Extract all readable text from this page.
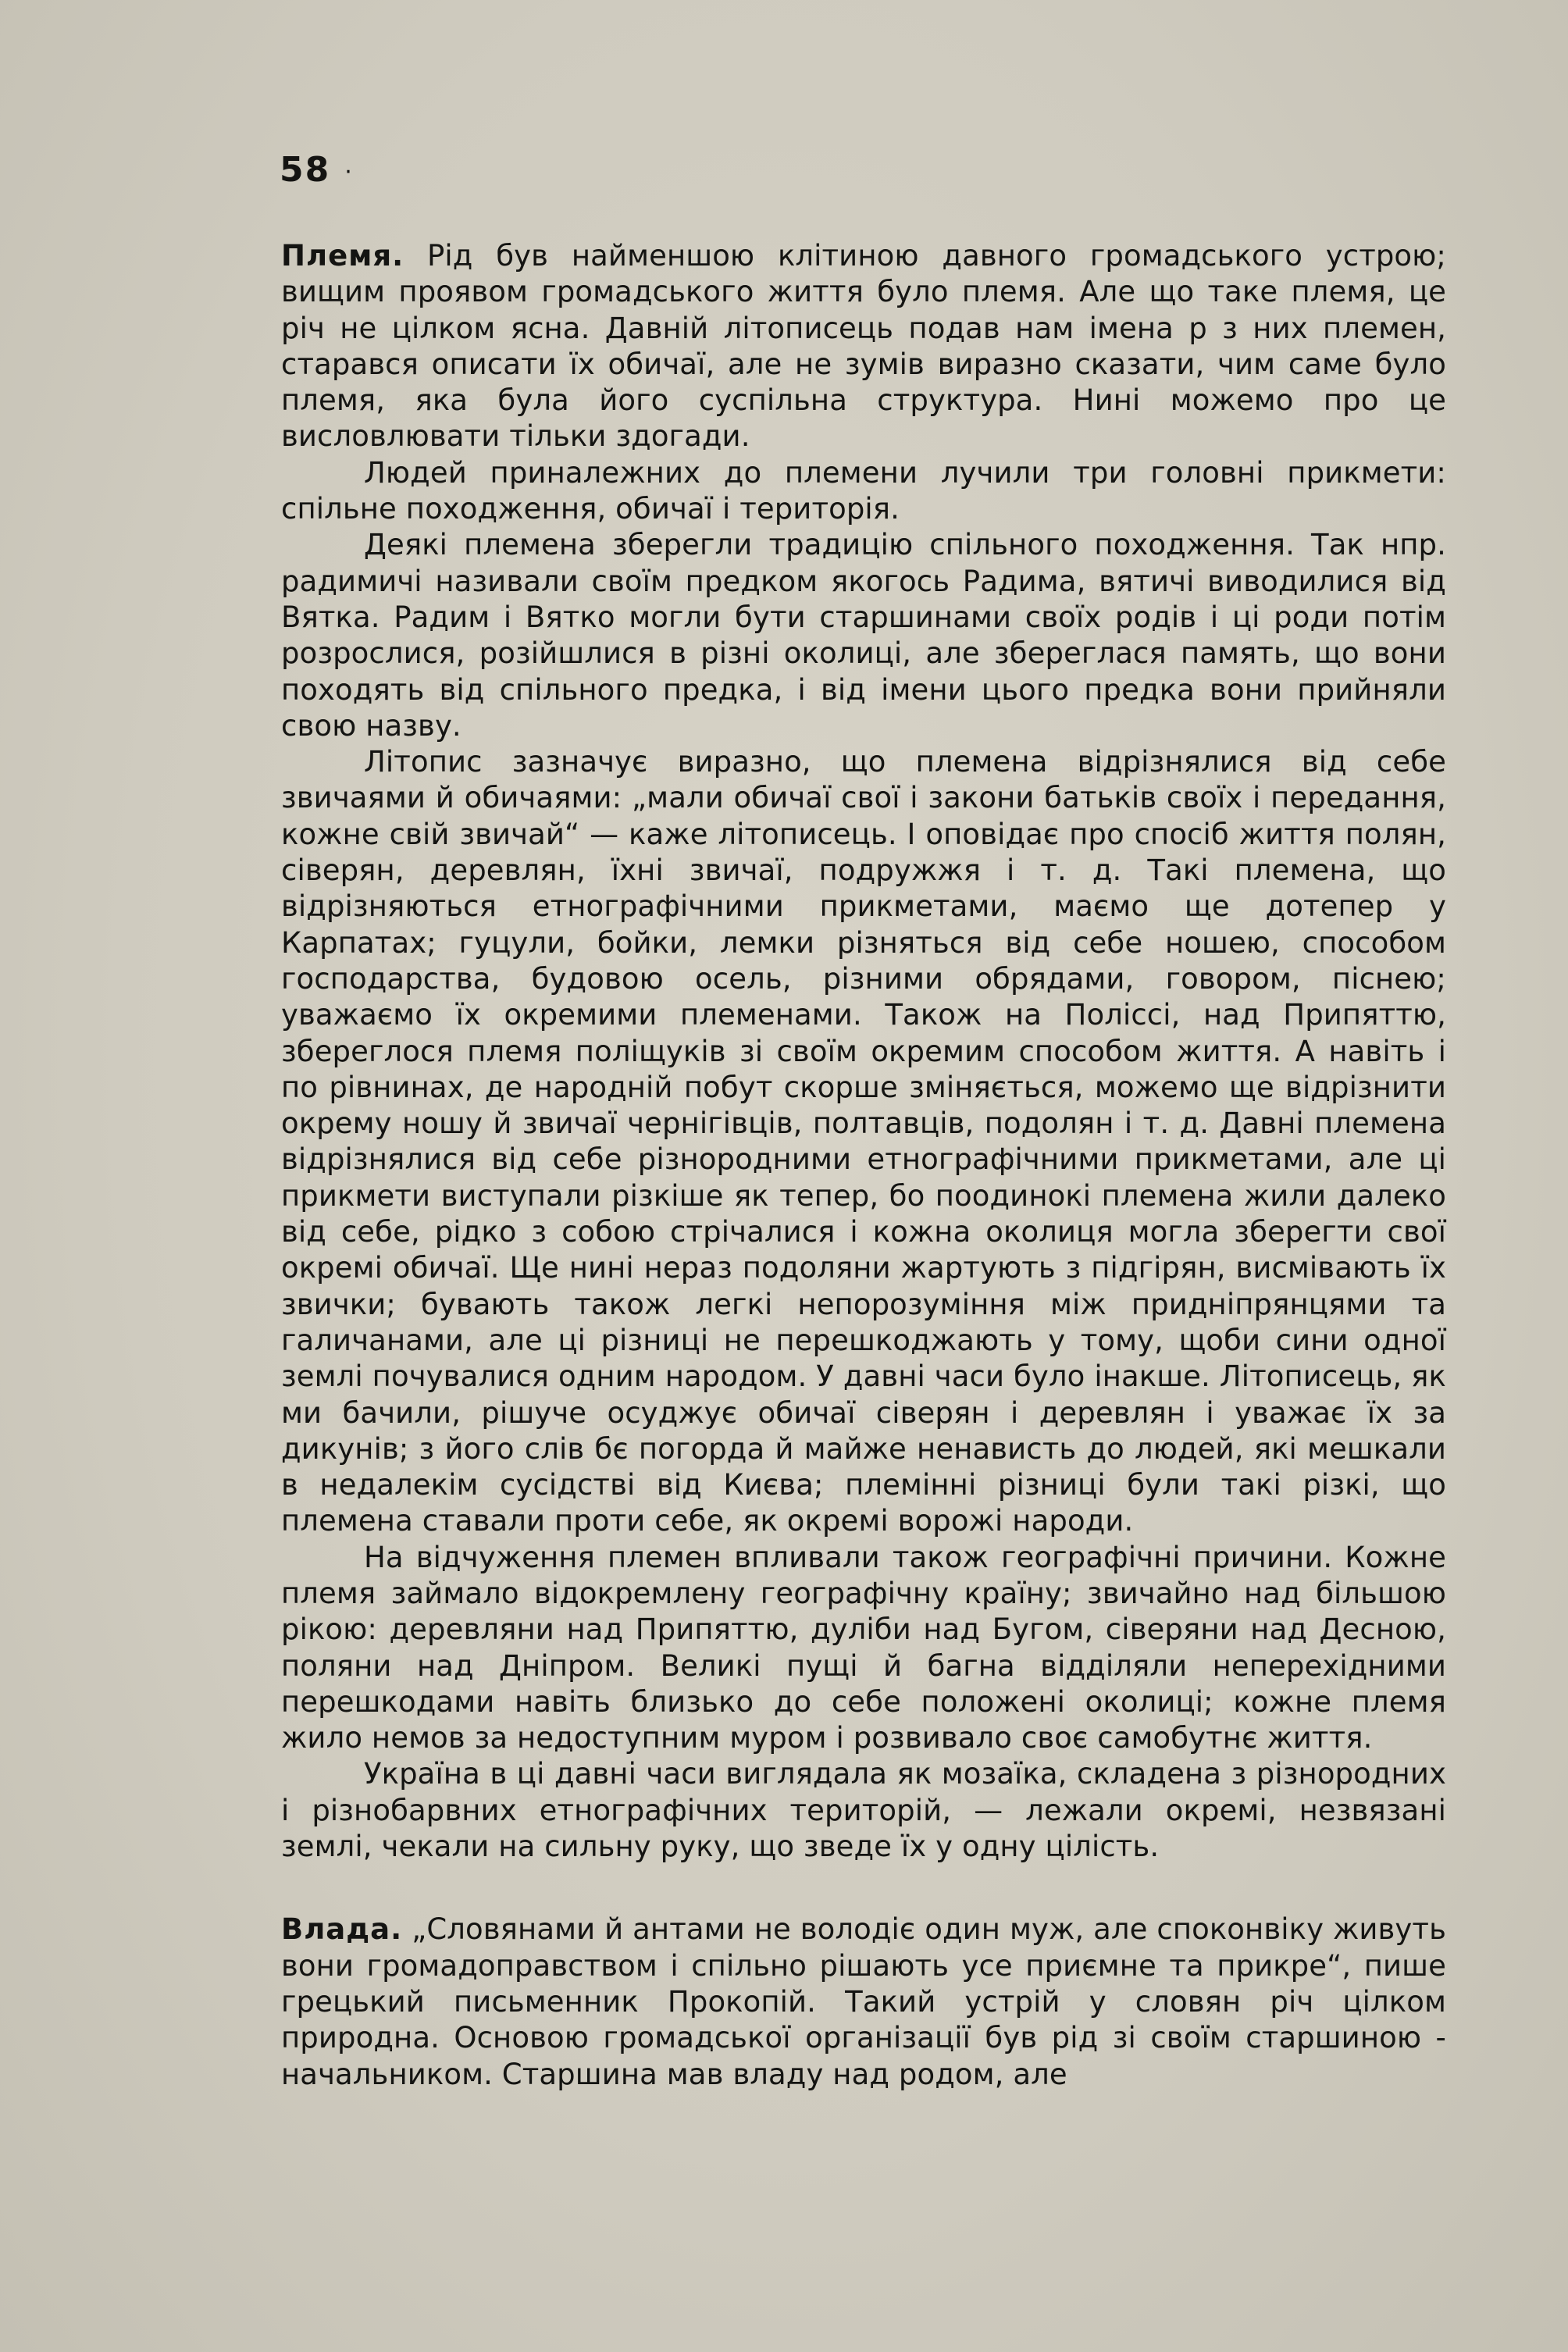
58 ·

Племя. Рід був найменшою клітиною давного громадського устрою; вищим проявом громадського життя було племя. Але що таке племя, це річ не цілком ясна. Давній літописець подав нам імена р з них племен, старався описати їх обичаї, але не зумів виразно сказати, чим саме було племя, яка була його суспільна структура. Нині можемо про це висловлювати тільки здогади.

Людей приналежних до племени лучили три головні прикмети: спільне походження, обичаї і територія.

Деякі племена зберегли традицію спільного походження. Так нпр. радимичі називали своїм предком якогось Радима, вятичі виводилися від Вятка. Радим і Вятко могли бути старшинами своїх родів і ці роди потім розрослися, розійшлися в різні околиці, але збереглася память, що вони походять від спільного предка, і від імени цього предка вони прийняли свою назву.

Літопис зазначує виразно, що племена відрізнялися від себе звичаями й обичаями: „мали обичаї свої і закони батьків своїх і передання, кожне свій звичай“ — каже літописець. І оповідає про спосіб життя полян, сіверян, деревлян, їхні звичаї, подружжя і т. д. Такі племена, що відрізняються етнографічними прикметами, маємо ще дотепер у Карпатах; гуцули, бойки, лемки різняться від себе ношею, способом господарства, будовою осель, різними обрядами, говором, піснею; уважаємо їх окремими племенами. Також на Поліссі, над Припяттю, збереглося племя поліщуків зі своїм окремим способом життя. А навіть і по рівнинах, де народній побут скорше зміняється, можемо ще відрізнити окрему ношу й звичаї чернігівців, полтавців, подолян і т. д. Давні племена відрізнялися від себе різнородними етнографічними прикметами, але ці прикмети виступали різкіше як тепер, бо поодинокі племена жили далеко від себе, рідко з собою стрічалися і кожна околиця могла зберегти свої окремі обичаї. Ще нині нераз подоляни жартують з підгірян, висмівають їх звички; бувають також легкі непорозуміння між придніпрянцями та галичанами, але ці різниці не перешкоджають у тому, щоби сини одної землі почувалися одним народом. У давні часи було інакше. Літописець, як ми бачили, рішуче осуджує обичаї сіверян і деревлян і уважає їх за дикунів; з його слів бє погорда й майже ненависть до людей, які мешкали в недалекім сусідстві від Києва; племінні різниці були такі різкі, що племена ставали проти себе, як окремі ворожі народи.

На відчуження племен впливали також географічні причини. Кожне племя займало відокремлену географічну країну; звичайно над більшою рікою: деревляни над Припяттю, дуліби над Бугом, сіверяни над Десною, поляни над Дніпром. Великі пущі й багна відділяли неперехідними перешкодами навіть близько до себе положені околиці; кожне племя жило немов за недоступним муром і розвивало своє самобутнє життя.

Україна в ці давні часи виглядала як мозаїка, складена з різнородних і різнобарвних етнографічних територій, — лежали окремі, незвязані землі, чекали на сильну руку, що зведе їх у одну цілість.

Влада. „Словянами й антами не володіє один муж, але споконвіку живуть вони громадоправством і спільно рішають усе приємне та прикре“, пише грецький письменник Прокопій. Такий устрій у словян річ цілком природна. Основою громадської організації був рід зі своїм старшиною - начальником. Старшина мав владу над родом, але
